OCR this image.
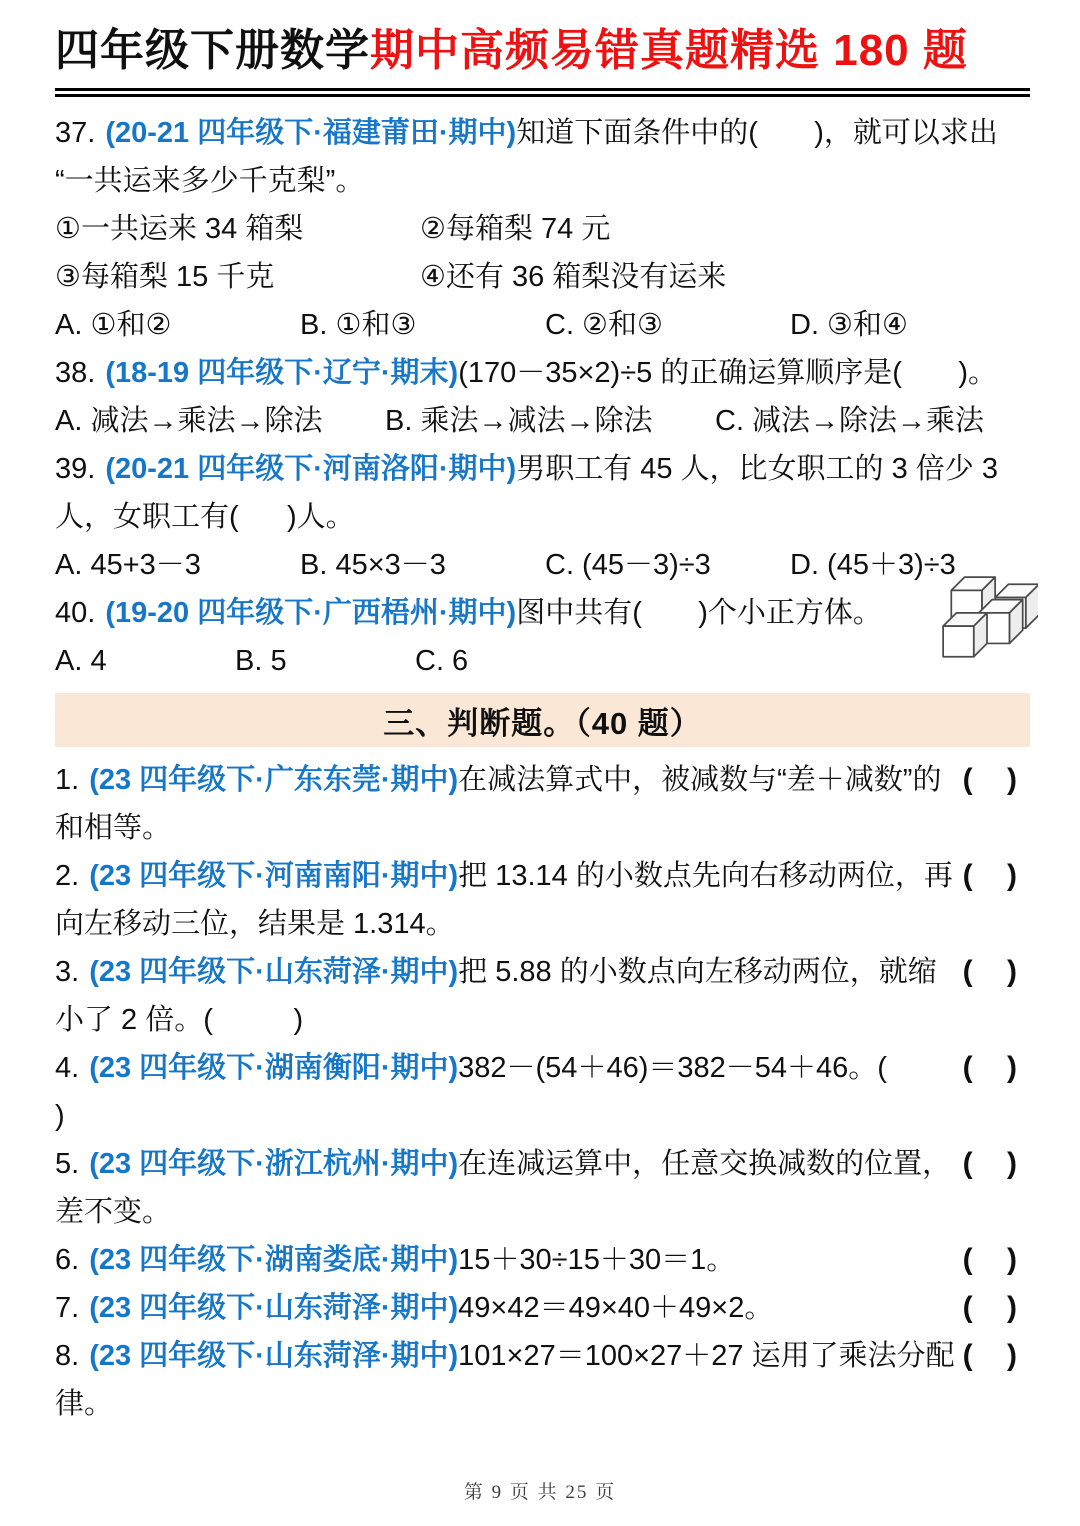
四年级下册数学期中高频易错真题精选 180 题

37. (20-21 四年级下·福建莆田·期中)知道下面条件中的(       )，就可以求出

“一共运来多少千克梨”。

①一共运来 34 箱梨	②每箱梨 74 元

③每箱梨 15 千克	④还有 36 箱梨没有运来

A. ①和②	B. ①和③	C. ②和③	D. ③和④

38. (18-19 四年级下·辽宁·期末)(170－35×2)÷5 的正确运算顺序是(       )。

A. 减法→乘法→除法 B. 乘法→减法→除法 C. 减法→除法→乘法

39. (20-21 四年级下·河南洛阳·期中)男职工有 45 人，比女职工的 3 倍少 3 人，女职工有(      )人。

A. 45+3－3	B. 45×3－3	C. (45－3)÷3	D. (45＋3)÷3

40. (19-20 四年级下·广西梧州·期中)图中共有(       )个小正方体。

A. 4	B. 5	C. 6

三、判断题。（40 题）

1. (23 四年级下·广东东莞·期中)在减法算式中，被减数与“差＋减数”的和相等。

( )

2. (23 四年级下·河南南阳·期中)把 13.14 的小数点先向右移动两位，再向左移动三位，结果是 1.314。

( )

3. (23 四年级下·山东菏泽·期中)把 5.88 的小数点向左移动两位，就缩小了 2 倍。(          )

( )

4. (23 四年级下·湖南衡阳·期中)382－(54＋46)＝382－54＋46。(         )

( )

5. (23 四年级下·浙江杭州·期中)在连减运算中，任意交换减数的位置，差不变。

( )

6. (23 四年级下·湖南娄底·期中)15＋30÷15＋30＝1。	( )

7. (23 四年级下·山东菏泽·期中)49×42＝49×40＋49×2。	( )

8. (23 四年级下·山东菏泽·期中)101×27＝100×27＋27 运用了乘法分配律。

( )
第 9 页 共 25 页
